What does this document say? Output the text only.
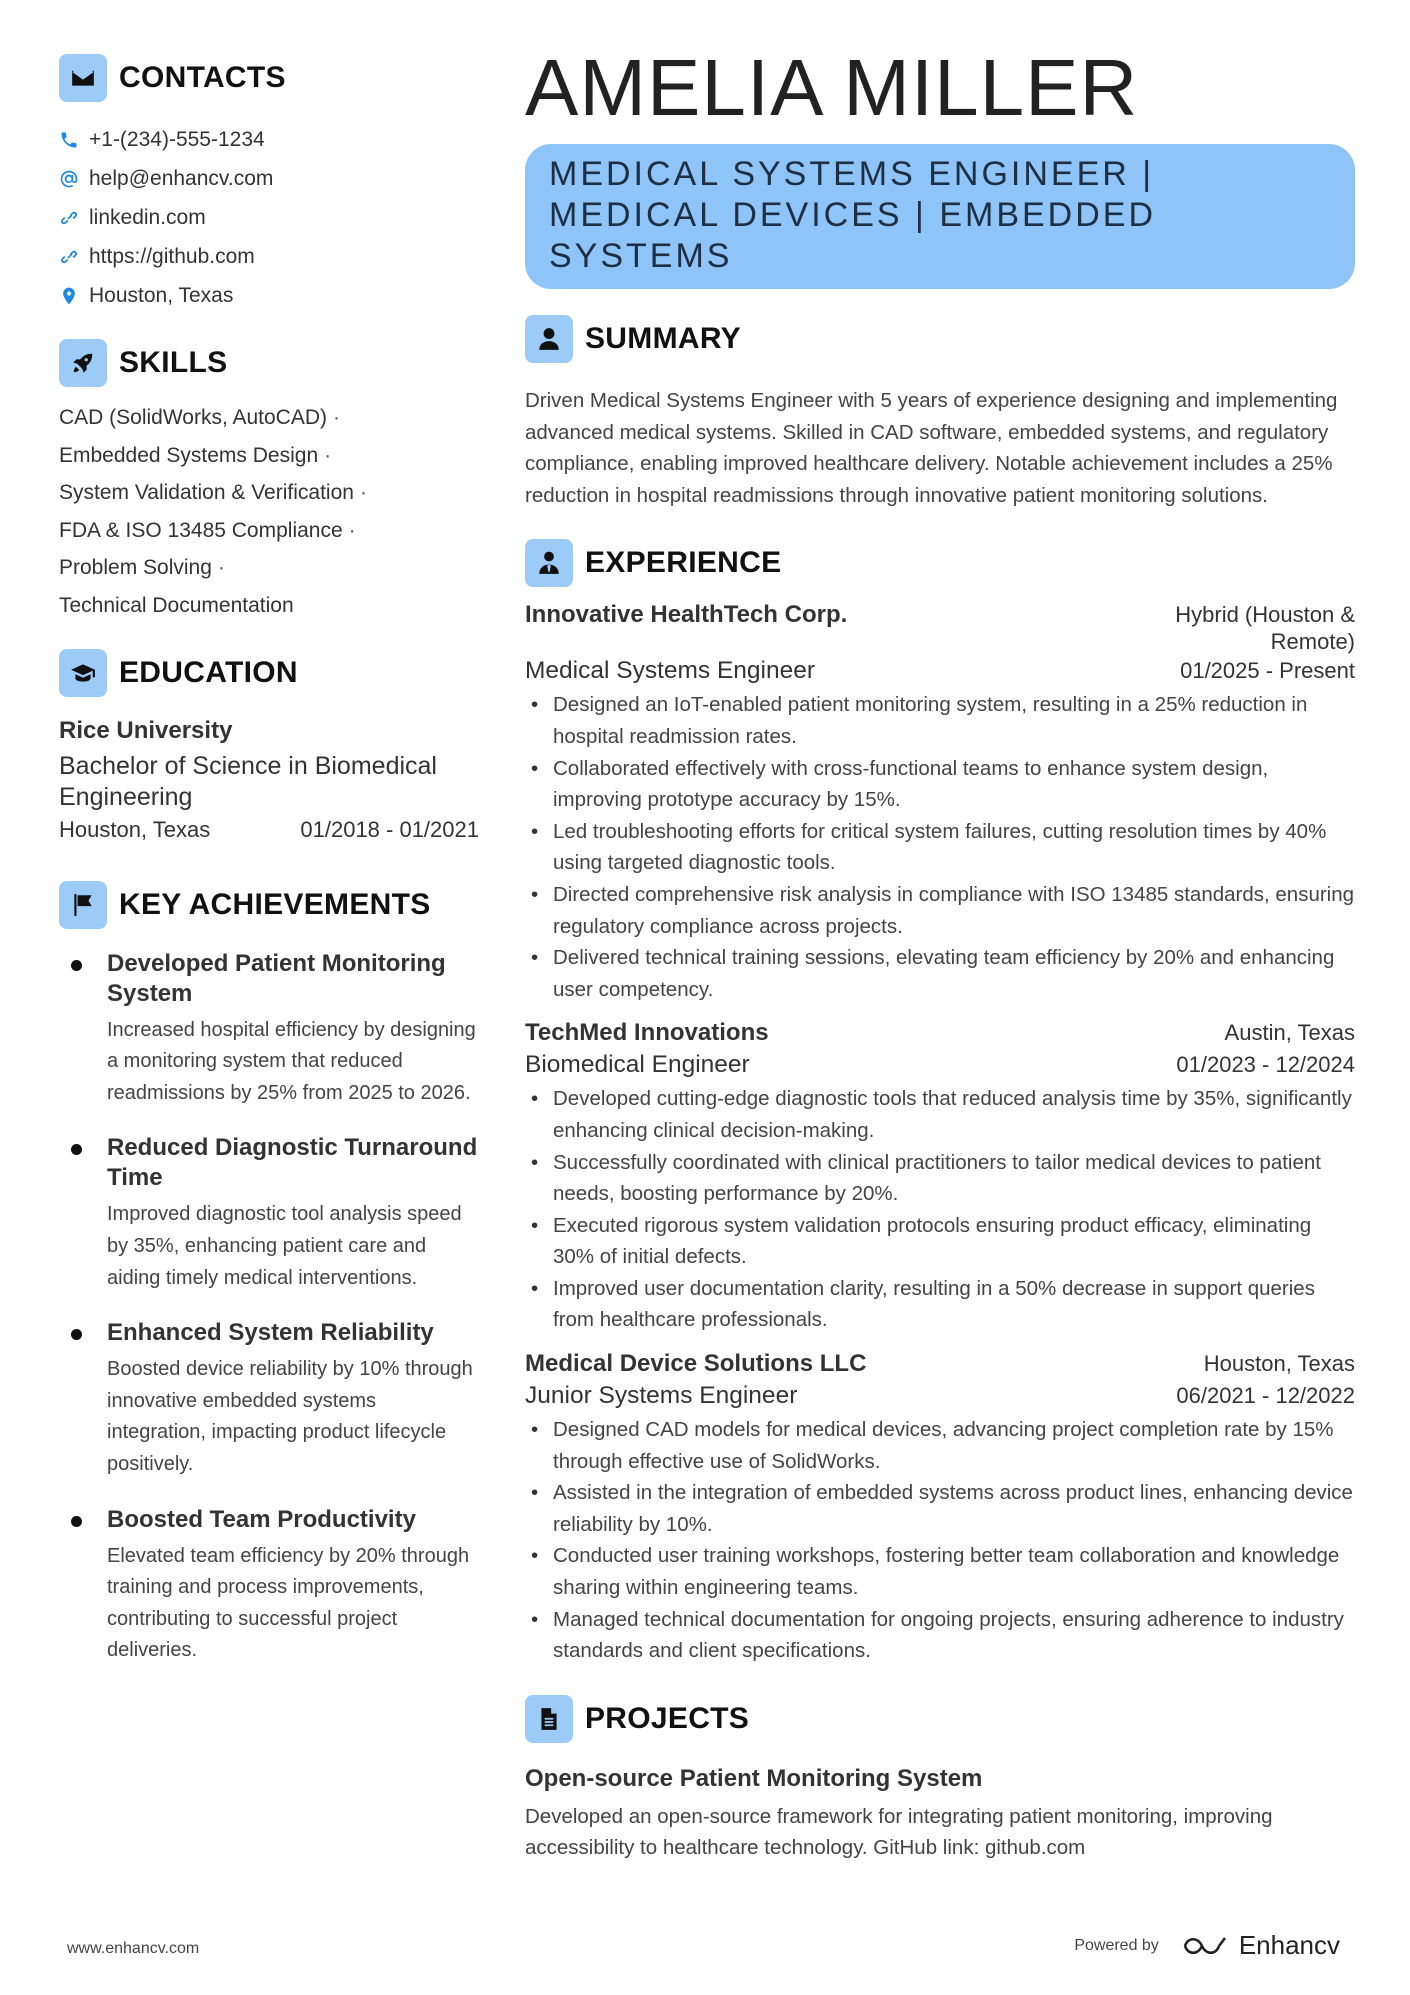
CONTACTS
+1-(234)-555-1234
help@enhancv.com
linkedin.com
https://github.com
Houston, Texas
SKILLS
CAD (SolidWorks, AutoCAD) ·
Embedded Systems Design ·
System Validation & Verification ·
FDA & ISO 13485 Compliance ·
Problem Solving ·
Technical Documentation
EDUCATION
Rice University
Bachelor of Science in Biomedical Engineering
Houston, Texas	01/2018 - 01/2021
KEY ACHIEVEMENTS
Developed Patient Monitoring System
Increased hospital efficiency by designing a monitoring system that reduced readmissions by 25% from 2025 to 2026.
Reduced Diagnostic Turnaround Time
Improved diagnostic tool analysis speed by 35%, enhancing patient care and aiding timely medical interventions.
Enhanced System Reliability
Boosted device reliability by 10% through innovative embedded systems integration, impacting product lifecycle positively.
Boosted Team Productivity
Elevated team efficiency by 20% through training and process improvements, contributing to successful project deliveries.
AMELIA MILLER
MEDICAL SYSTEMS ENGINEER | MEDICAL DEVICES | EMBEDDED SYSTEMS
SUMMARY
Driven Medical Systems Engineer with 5 years of experience designing and implementing advanced medical systems. Skilled in CAD software, embedded systems, and regulatory compliance, enabling improved healthcare delivery. Notable achievement includes a 25% reduction in hospital readmissions through innovative patient monitoring solutions.
EXPERIENCE
Innovative HealthTech Corp.	Hybrid (Houston & Remote)
Medical Systems Engineer	01/2025 - Present
• Designed an IoT-enabled patient monitoring system, resulting in a 25% reduction in hospital readmission rates.
• Collaborated effectively with cross-functional teams to enhance system design, improving prototype accuracy by 15%.
• Led troubleshooting efforts for critical system failures, cutting resolution times by 40% using targeted diagnostic tools.
• Directed comprehensive risk analysis in compliance with ISO 13485 standards, ensuring regulatory compliance across projects.
• Delivered technical training sessions, elevating team efficiency by 20% and enhancing user competency.
TechMed Innovations	Austin, Texas
Biomedical Engineer	01/2023 - 12/2024
• Developed cutting-edge diagnostic tools that reduced analysis time by 35%, significantly enhancing clinical decision-making.
• Successfully coordinated with clinical practitioners to tailor medical devices to patient needs, boosting performance by 20%.
• Executed rigorous system validation protocols ensuring product efficacy, eliminating 30% of initial defects.
• Improved user documentation clarity, resulting in a 50% decrease in support queries from healthcare professionals.
Medical Device Solutions LLC	Houston, Texas
Junior Systems Engineer	06/2021 - 12/2022
• Designed CAD models for medical devices, advancing project completion rate by 15% through effective use of SolidWorks.
• Assisted in the integration of embedded systems across product lines, enhancing device reliability by 10%.
• Conducted user training workshops, fostering better team collaboration and knowledge sharing within engineering teams.
• Managed technical documentation for ongoing projects, ensuring adherence to industry standards and client specifications.
PROJECTS
Open-source Patient Monitoring System
Developed an open-source framework for integrating patient monitoring, improving accessibility to healthcare technology. GitHub link: github.com
www.enhancv.com	Powered by	Enhancv
